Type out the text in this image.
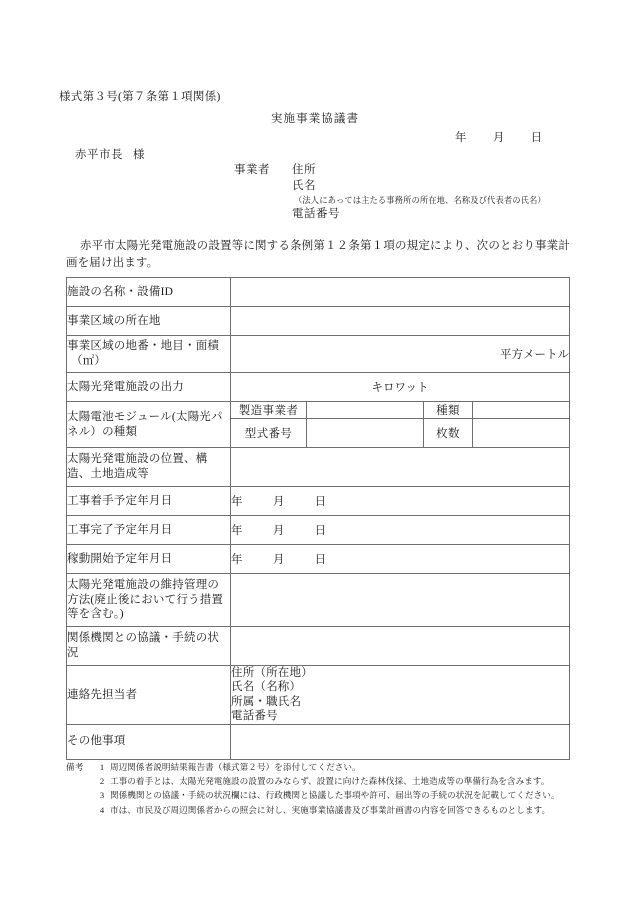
様式第３号(第７条第１項関係)
実施事業協議書
年 月 日
赤平市長 様
事業者 住所
氏名
（法人にあっては主たる事務所の所在地、名称及び代表者の氏名）
電話番号
赤平市太陽光発電施設の設置等に関する条例第１２条第１項の規定により、次のとおり事業計画を届け出ます。
施設の名称・設備ID				
事業区域の所在地				
事業区域の地番・地目・面積
（㎡）	平方メートル			
太陽光発電施設の出力	キロワット			
太陽電池モジュール(太陽光パネル）の種類	製造事業者		種類	
	型式番号		枚数	
太陽光発電施設の位置、構造、土地造成等				
工事着手予定年月日	年 月 日			
工事完了予定年月日	年 月 日			
稼動開始予定年月日	年 月 日			
太陽光発電施設の維持管理の方法(廃止後において行う措置等を含む。)				
関係機関との協議・手続の状況				
連絡先担当者	住所（所在地）
氏名（名称）
所属・職氏名
電話番号			

その他事項				
備考 1 周辺関係者説明結果報告書（様式第２号）を添付してください。
2 工事の着手とは、太陽光発電施設の設置のみならず、設置に向けた森林伐採、土地造成等の準備行為を含みます。
3 関係機関との協議・手続の状況欄には、行政機関と協議した事項や許可、届出等の手続の状況を記載してください。
4 市は、市民及び周辺関係者からの照会に対し、実施事業協議書及び事業計画書の内容を回答できるものとします。
